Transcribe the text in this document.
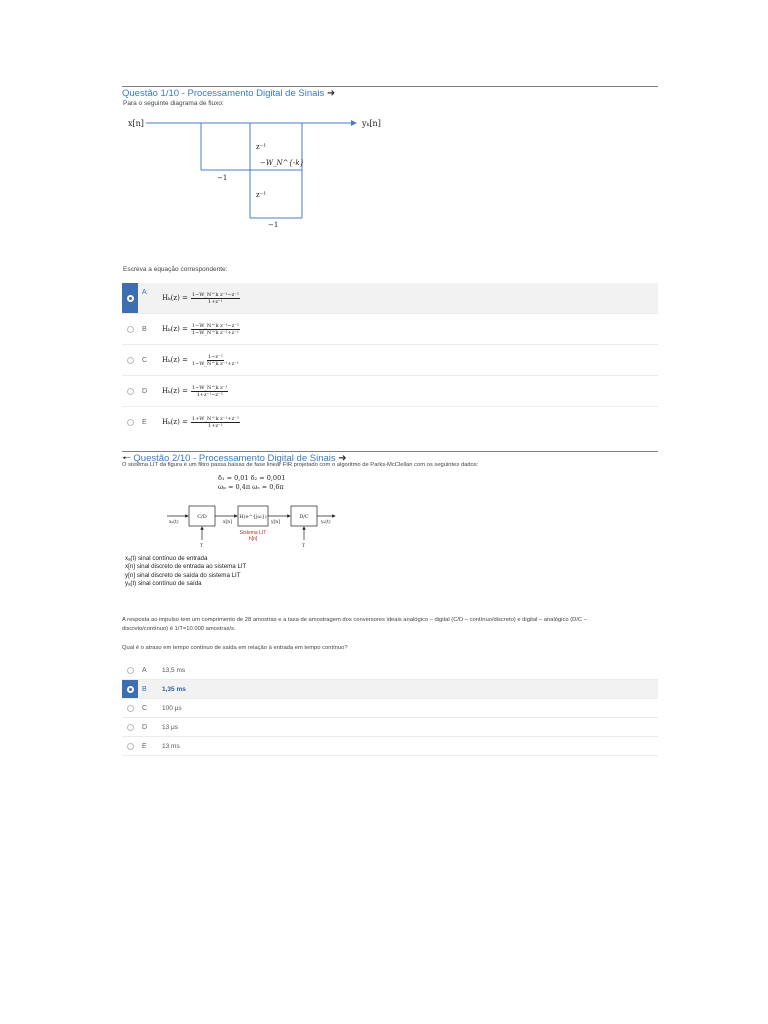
Questão 1/10 - Processamento Digital de Sinais ➜
Para o seguinte diagrama de fluxo:
x[n]	yₖ[n]
z⁻¹
−W_N^{-k}
−1
z⁻¹
−1
Escreva a equação correspondente:
A
$H_k(z) = \frac{\text{1−W\_N\textasciicircum{}k z⁻¹−z⁻²}}{\text{1+z⁻¹}}$
B	$H_k(z) = \frac{\text{1−W\_N\textasciicircum{}k z⁻¹−z⁻²}}{\text{1−W\_N\textasciicircum{}k z⁻¹+z⁻¹}}$
C	$H_k(z) = \frac{\text{1−z⁻²}}{\text{1−W\_N\textasciicircum{}k z⁻¹+z⁻¹}}$
D	$H_k(z) = \frac{\text{1−W\_N\textasciicircum{}k z⁻¹}}{\text{1+z⁻¹−z⁻²}}$
E	$H_k(z) = \frac{\text{1+W\_N\textasciicircum{}k z⁻¹+z⁻²}}{\text{1+z⁻¹}}$
🠔 Questão 2/10 - Processamento Digital de Sinais ➜
O sistema LIT da figura é um filtro passa baixas de fase linear FIR projetado com o algoritmo de Parks-McClellan com os seguintes dados:
δ₁ = 0,01 δ₂ = 0,001
ωₚ = 0,4π ωₛ = 0,6π
xₐ(t)
C/D
x[n]
H(e^{jω})
y[n]
D/C
yₐ(t)
T	T
Sistema LIT
h[n]
xₐ(t) sinal contínuo de entrada
x[n] sinal discreto de entrada ao sistema LIT
y[n] sinal discreto de saída do sistema LIT
yₐ(t) sinal contínuo de saída
A resposta ao impulso tem um comprimento de 28 amostras e a taxa de amostragem dos conversores ideais analógico – digital (C/D – contínuo/discreto) e digital – analógico (D/C –
discreto/contínuo) é 1/T=10.000 amostras/s.
Qual é o atraso em tempo contínuo de saída em relação à entrada em tempo contínuo?
A	13,5 ms
B	1,35 ms
C	100 μs
D	13 μs
E	13 ms
